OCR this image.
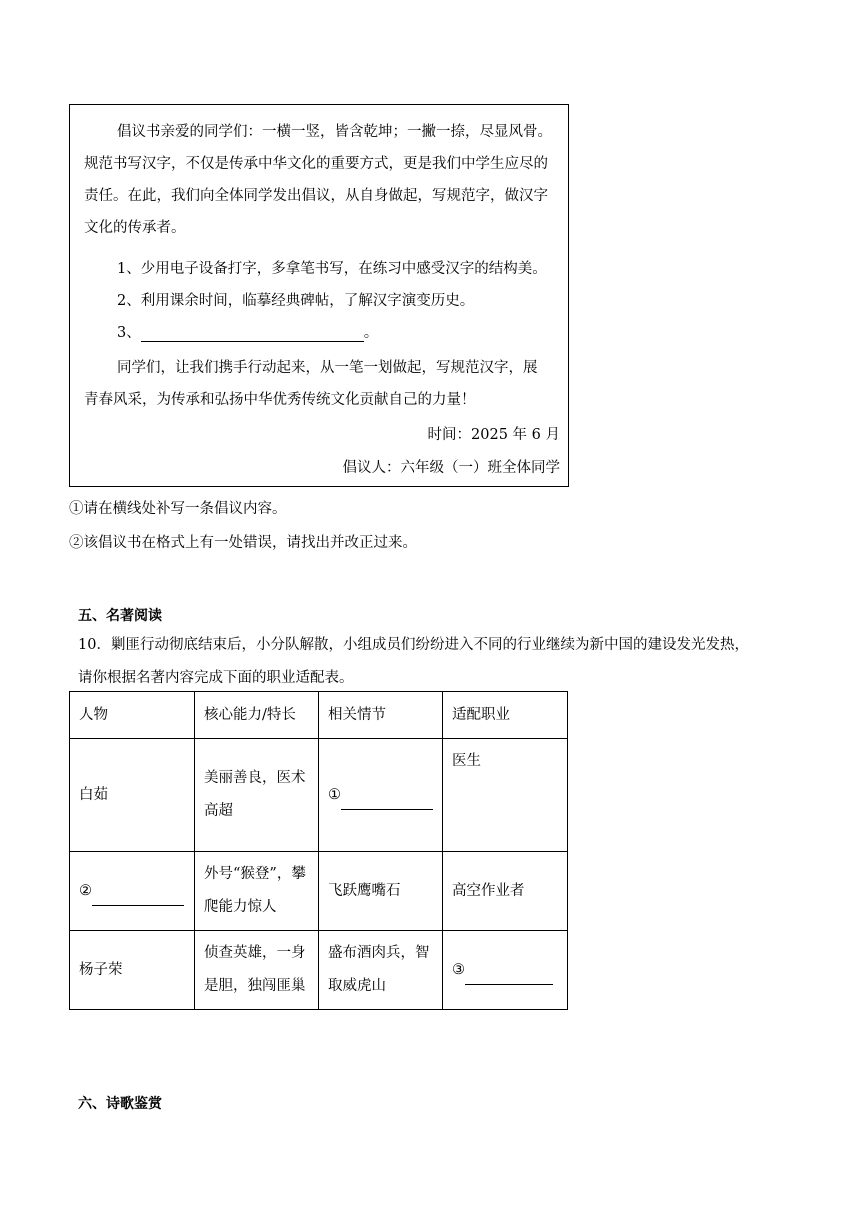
倡议书亲爱的同学们：一横一竖，皆含乾坤；一撇一捺，尽显风骨。
规范书写汉字，不仅是传承中华文化的重要方式，更是我们中学生应尽的
责任。在此，我们向全体同学发出倡议，从自身做起，写规范字，做汉字
文化的传承者。
1、少用电子设备打字，多拿笔书写，在练习中感受汉字的结构美。
2、利用课余时间，临摹经典碑帖，了解汉字演变历史。
3、	。
同学们，让我们携手行动起来，从一笔一划做起，写规范汉字，展
青春风采，为传承和弘扬中华优秀传统文化贡献自己的力量！
时间：2025 年 6 月
倡议人：六年级（一）班全体同学
①请在横线处补写一条倡议内容。
②该倡议书在格式上有一处错误，请找出并改正过来。
五、名著阅读
10．剿匪行动彻底结束后，小分队解散，小组成员们纷纷进入不同的行业继续为新中国的建设发光发热，
请你根据名著内容完成下面的职业适配表。
人物	核心能力/特长	相关情节	适配职业

白茹	美丽善良，医术
高超	①	医生

②	外号“猴登”，攀
爬能力惊人	飞跃鹰嘴石	高空作业者

杨子荣	侦查英雄，一身
是胆，独闯匪巢	盛布酒肉兵，智
取威虎山	③
六、诗歌鉴赏
